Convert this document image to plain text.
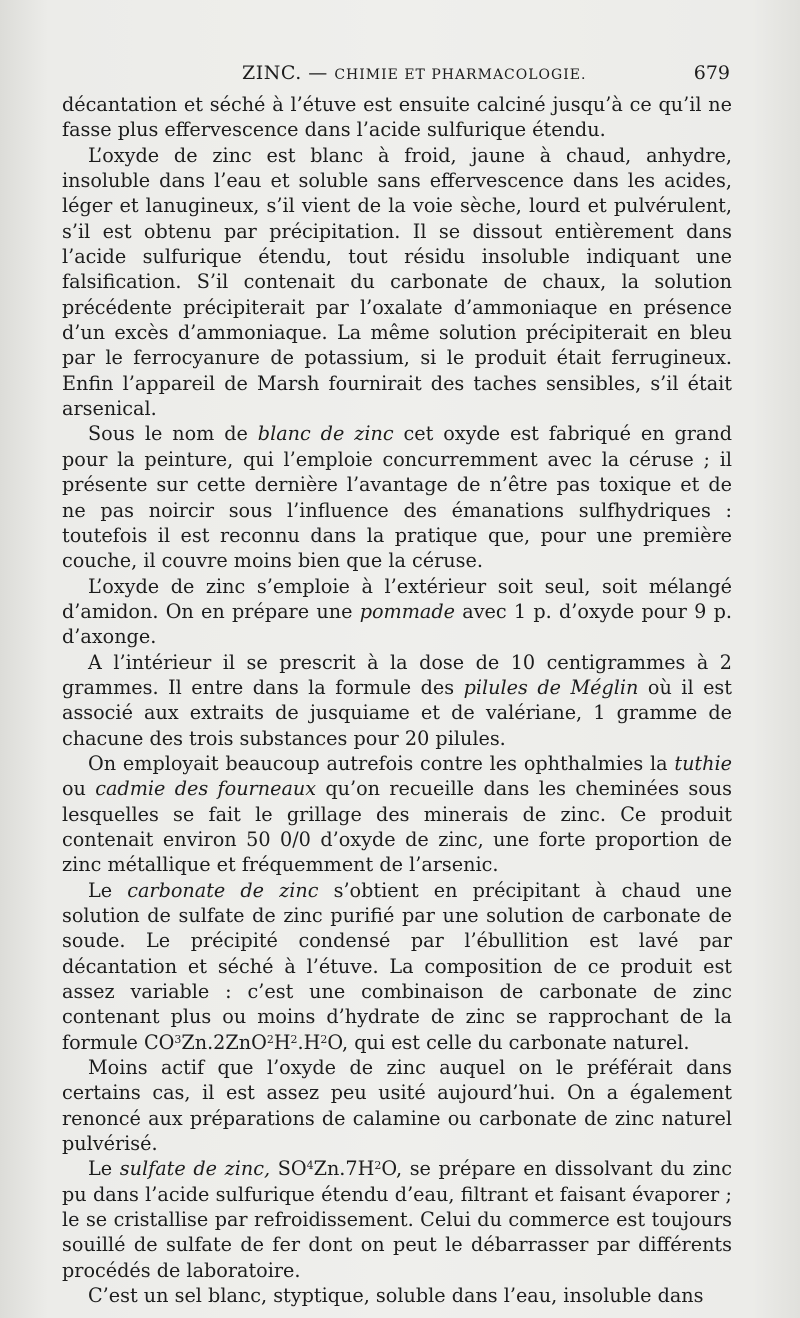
ZINC. — CHIMIE ET PHARMACOLOGIE.	679

décantation et séché à l’étuve est ensuite calciné jusqu’à ce qu’il ne fasse plus effervescence dans l’acide sulfurique étendu.

L’oxyde de zinc est blanc à froid, jaune à chaud, anhydre, insoluble dans l’eau et soluble sans effervescence dans les acides, léger et lanugineux, s’il vient de la voie sèche, lourd et pulvérulent, s’il est obtenu par précipitation. Il se dissout entièrement dans l’acide sulfurique étendu, tout résidu insoluble indiquant une falsification. S’il contenait du carbonate de chaux, la solution précédente précipiterait par l’oxalate d’ammoniaque en présence d’un excès d’ammoniaque. La même solution précipiterait en bleu par le ferrocyanure de potassium, si le produit était ferrugineux. Enfin l’appareil de Marsh fournirait des taches sensibles, s’il était arsenical.

Sous le nom de blanc de zinc cet oxyde est fabriqué en grand pour la peinture, qui l’emploie concurremment avec la céruse ; il présente sur cette dernière l’avantage de n’être pas toxique et de ne pas noircir sous l’influence des émanations sulfhydriques : toutefois il est reconnu dans la pratique que, pour une première couche, il couvre moins bien que la céruse.

L’oxyde de zinc s’emploie à l’extérieur soit seul, soit mélangé d’amidon. On en prépare une pommade avec 1 p. d’oxyde pour 9 p. d’axonge.

A l’intérieur il se prescrit à la dose de 10 centigrammes à 2 grammes. Il entre dans la formule des pilules de Méglin où il est associé aux extraits de jusquiame et de valériane, 1 gramme de chacune des trois substances pour 20 pilules.

On employait beaucoup autrefois contre les ophthalmies la tuthie ou cadmie des fourneaux qu’on recueille dans les cheminées sous lesquelles se fait le grillage des minerais de zinc. Ce produit contenait environ 50 0/0 d’oxyde de zinc, une forte proportion de zinc métallique et fréquemment de l’arsenic.

Le carbonate de zinc s’obtient en précipitant à chaud une solution de sulfate de zinc purifié par une solution de carbonate de soude. Le précipité condensé par l’ébullition est lavé par décantation et séché à l’étuve. La composition de ce produit est assez variable : c’est une combinaison de carbonate de zinc contenant plus ou moins d’hydrate de zinc se rapprochant de la formule $CO^3Zn.2ZnO^2H^2.H^2O$, qui est celle du carbonate naturel.

Moins actif que l’oxyde de zinc auquel on le préférait dans certains cas, il est assez peu usité aujourd’hui. On a également renoncé aux préparations de calamine ou carbonate de zinc naturel pulvérisé.

Le sulfate de zinc, $SO^4Zn.7H^2O$, se prépare en dissolvant du zinc pu dans l’acide sulfurique étendu d’eau, filtrant et faisant évaporer ; le se cristallise par refroidissement. Celui du commerce est toujours souillé de sulfate de fer dont on peut le débarrasser par différents procédés de laboratoire.

C’est un sel blanc, styptique, soluble dans l’eau, insoluble dans
